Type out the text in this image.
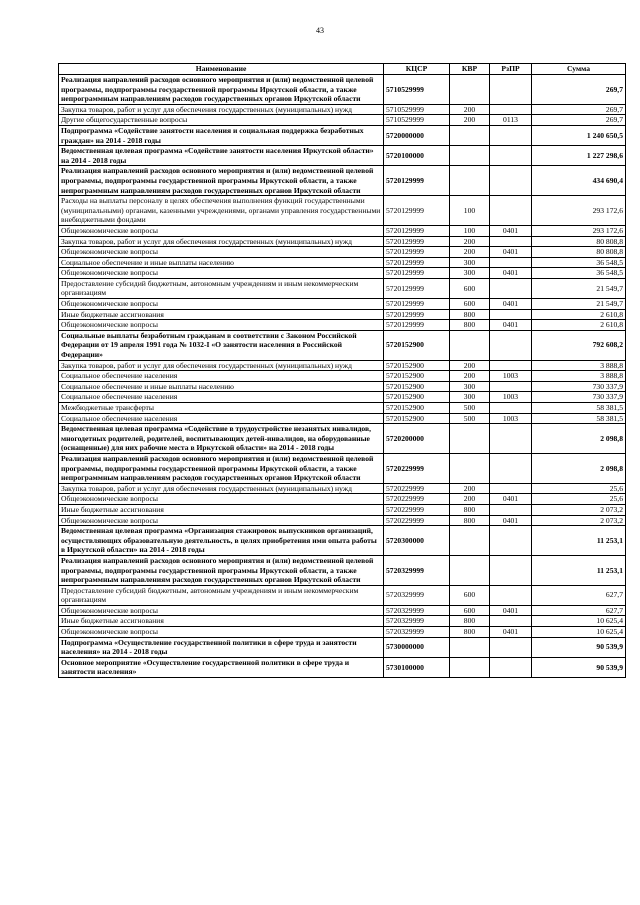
43
Наименование	КЦСР	КВР	РзПР	Сумма
Реализация направлений расходов основного мероприятия и (или) ведомственной целевой программы, подпрограммы государственной программы Иркутской области, а также непрограммным направлениям расходов государственных органов Иркутской области	5710529999			269,7
Закупка товаров, работ и услуг для обеспечения государственных (муниципальных) нужд	5710529999	200		269,7
Другие общегосударственные вопросы	5710529999	200	0113	269,7
Подпрограмма «Содействие занятости населения и социальная поддержка безработных граждан» на 2014 - 2018 годы	5720000000			1 240 650,5
Ведомственная целевая программа «Содействие занятости населения Иркутской области» на 2014 - 2018 годы	5720100000			1 227 298,6
Реализация направлений расходов основного мероприятия и (или) ведомственной целевой программы, подпрограммы государственной программы Иркутской области, а также непрограммным направлениям расходов государственных органов Иркутской области	5720129999			434 690,4
Расходы на выплаты персоналу в целях обеспечения выполнения функций государственными (муниципальными) органами, казенными учреждениями, органами управления государственными внебюджетными фондами	5720129999	100		293 172,6
Общеэкономические вопросы	5720129999	100	0401	293 172,6
Закупка товаров, работ и услуг для обеспечения государственных (муниципальных) нужд	5720129999	200		80 808,8
Общеэкономические вопросы	5720129999	200	0401	80 808,8
Социальное обеспечение и иные выплаты населению	5720129999	300		36 548,5
Общеэкономические вопросы	5720129999	300	0401	36 548,5
Предоставление субсидий бюджетным, автономным учреждениям и иным некоммерческим организациям	5720129999	600		21 549,7
Общеэкономические вопросы	5720129999	600	0401	21 549,7
Иные бюджетные ассигнования	5720129999	800		2 610,8
Общеэкономические вопросы	5720129999	800	0401	2 610,8
Социальные выплаты безработным гражданам в соответствии с Законом Российской Федерации от 19 апреля 1991 года № 1032-I «О занятости населения в Российской Федерации»	5720152900			792 608,2
Закупка товаров, работ и услуг для обеспечения государственных (муниципальных) нужд	5720152900	200		3 888,8
Социальное обеспечение населения	5720152900	200	1003	3 888,8
Социальное обеспечение и иные выплаты населению	5720152900	300		730 337,9
Социальное обеспечение населения	5720152900	300	1003	730 337,9
Межбюджетные трансферты	5720152900	500		58 381,5
Социальное обеспечение населения	5720152900	500	1003	58 381,5
Ведомственная целевая программа «Содействие в трудоустройстве незанятых инвалидов, многодетных родителей, родителей, воспитывающих детей-инвалидов, на оборудованные (оснащенные) для них рабочие места в Иркутской области» на 2014 - 2018 годы	5720200000			2 098,8
Реализация направлений расходов основного мероприятия и (или) ведомственной целевой программы, подпрограммы государственной программы Иркутской области, а также непрограммным направлениям расходов государственных органов Иркутской области	5720229999			2 098,8
Закупка товаров, работ и услуг для обеспечения государственных (муниципальных) нужд	5720229999	200		25,6
Общеэкономические вопросы	5720229999	200	0401	25,6
Иные бюджетные ассигнования	5720229999	800		2 073,2
Общеэкономические вопросы	5720229999	800	0401	2 073,2
Ведомственная целевая программа «Организация стажировок выпускников организаций, осуществляющих образовательную деятельность, в целях приобретения ими опыта работы в Иркутской области» на 2014 - 2018 годы	5720300000			11 253,1
Реализация направлений расходов основного мероприятия и (или) ведомственной целевой программы, подпрограммы государственной программы Иркутской области, а также непрограммным направлениям расходов государственных органов Иркутской области	5720329999			11 253,1
Предоставление субсидий бюджетным, автономным учреждениям и иным некоммерческим организациям	5720329999	600		627,7
Общеэкономические вопросы	5720329999	600	0401	627,7
Иные бюджетные ассигнования	5720329999	800		10 625,4
Общеэкономические вопросы	5720329999	800	0401	10 625,4
Подпрограмма «Осуществление государственной политики в сфере труда и занятости населения» на 2014 - 2018 годы	5730000000			90 539,9
Основное мероприятие «Осуществление государственной политики в сфере труда и занятости населения»	5730100000			90 539,9
